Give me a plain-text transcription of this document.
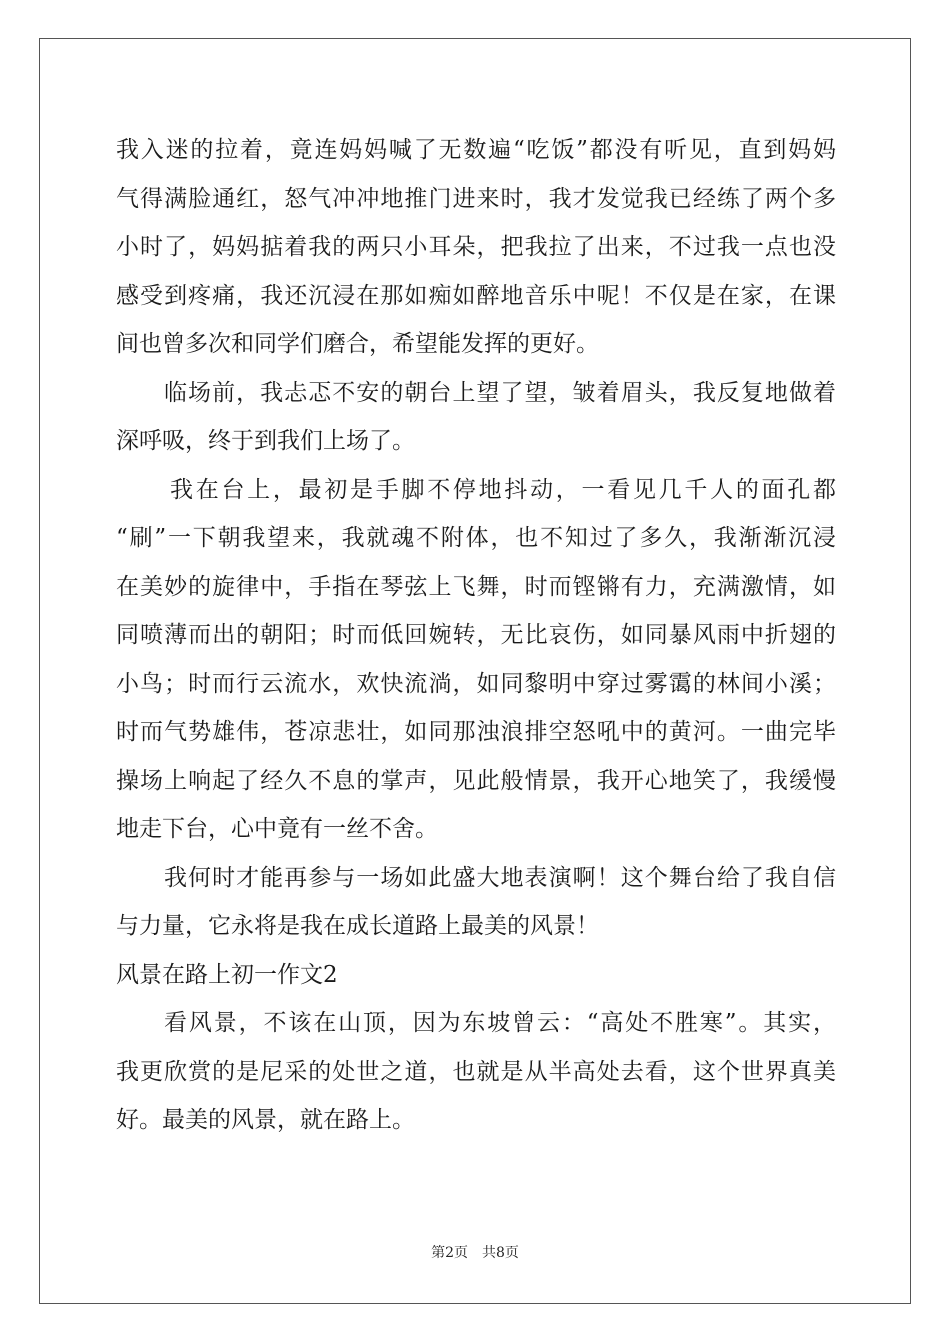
我入迷的拉着，竟连妈妈喊了无数遍“吃饭”都没有听见，直到妈妈
气得满脸通红，怒气冲冲地推门进来时，我才发觉我已经练了两个多
小时了，妈妈掂着我的两只小耳朵，把我拉了出来，不过我一点也没
感受到疼痛，我还沉浸在那如痴如醉地音乐中呢！不仅是在家，在课
间也曾多次和同学们磨合，希望能发挥的更好。
临场前，我忐忑不安的朝台上望了望，皱着眉头，我反复地做着
深呼吸，终于到我们上场了。
我在台上，最初是手脚不停地抖动，一看见几千人的面孔都
“刷”一下朝我望来，我就魂不附体，也不知过了多久，我渐渐沉浸
在美妙的旋律中，手指在琴弦上飞舞，时而铿锵有力，充满激情，如
同喷薄而出的朝阳；时而低回婉转，无比哀伤，如同暴风雨中折翅的
小鸟；时而行云流水，欢快流淌，如同黎明中穿过雾霭的林间小溪；
时而气势雄伟，苍凉悲壮，如同那浊浪排空怒吼中的黄河。一曲完毕
操场上响起了经久不息的掌声，见此般情景，我开心地笑了，我缓慢
地走下台，心中竟有一丝不舍。
我何时才能再参与一场如此盛大地表演啊！这个舞台给了我自信
与力量，它永将是我在成长道路上最美的风景！
风景在路上初一作文2
看风景，不该在山顶，因为东坡曾云：“高处不胜寒”。其实，
我更欣赏的是尼采的处世之道，也就是从半高处去看，这个世界真美
好。最美的风景，就在路上。
第2页 共8页
